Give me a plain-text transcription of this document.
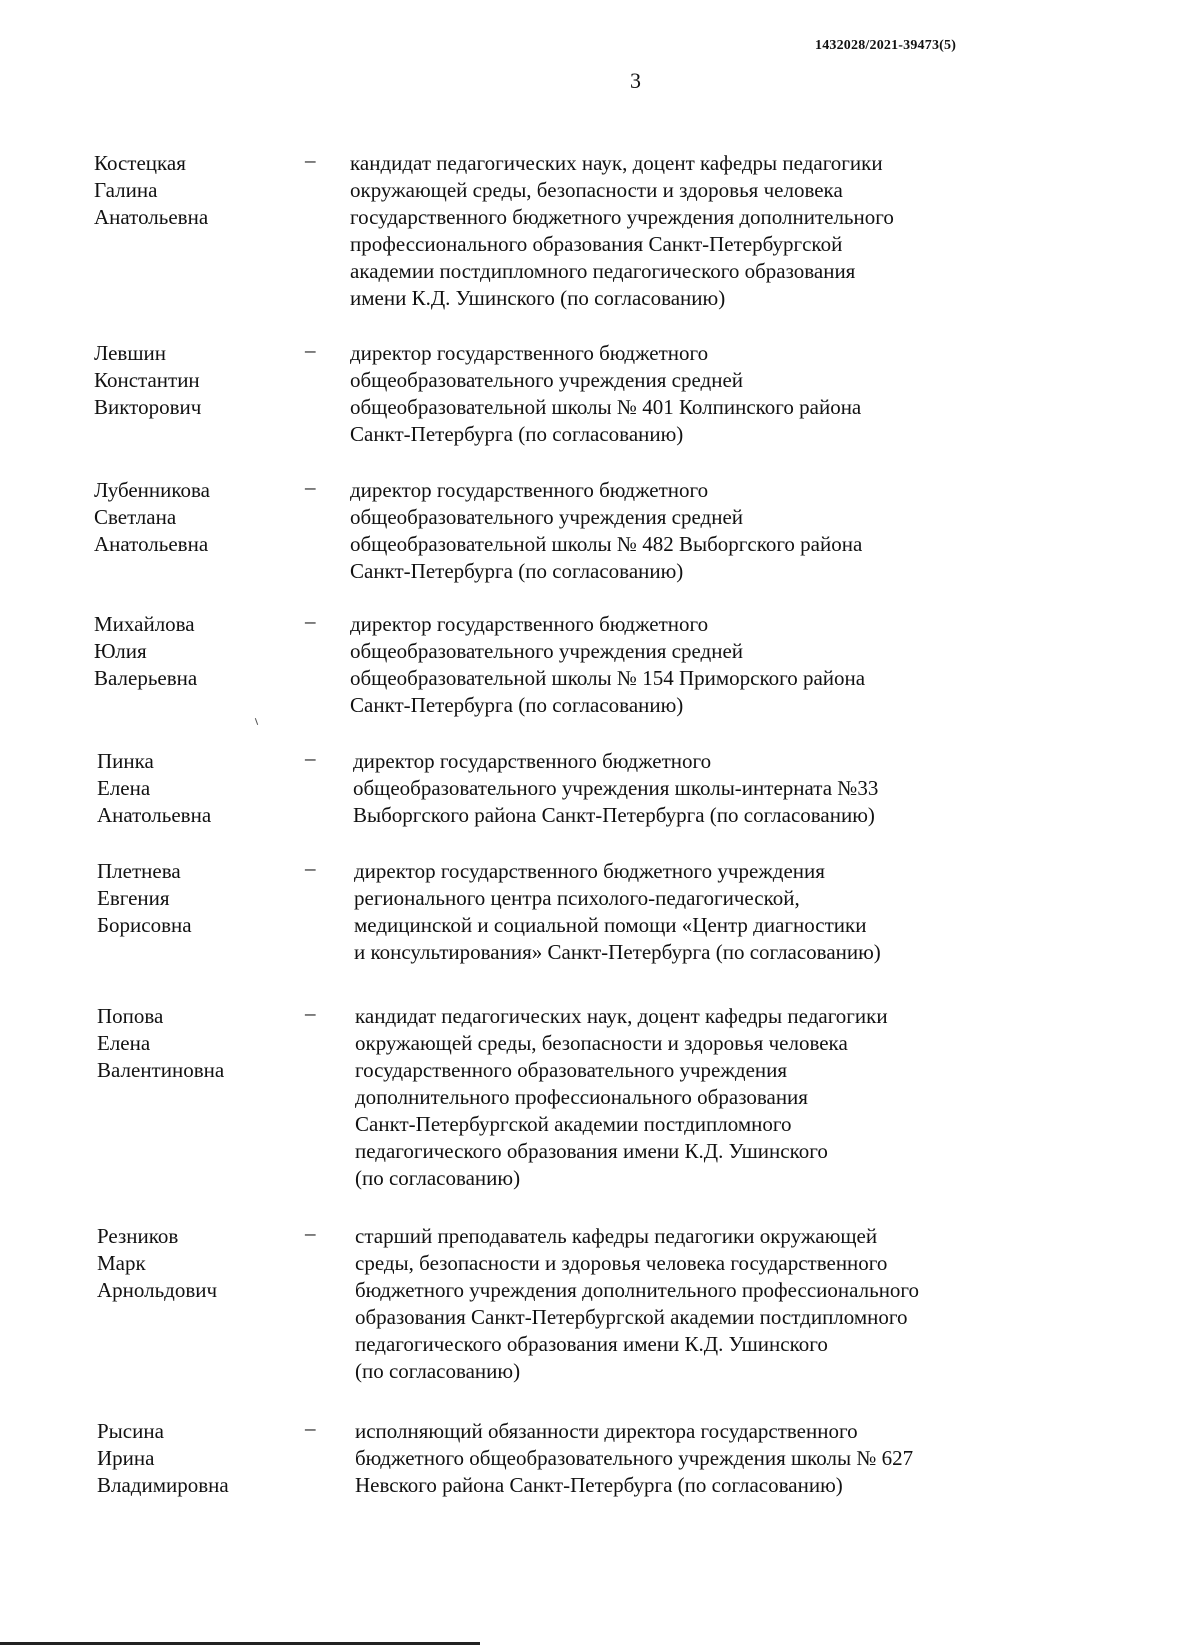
1432028/2021-39473(5)
3
Костецкая
Галина
Анатольевна
– кандидат педагогических наук, доцент кафедры педагогики
окружающей среды, безопасности и здоровья человека
государственного бюджетного учреждения дополнительного
профессионального образования Санкт-Петербургской
академии постдипломного педагогического образования
имени К.Д. Ушинского (по согласованию)
Левшин
Константин
Викторович
– директор государственного бюджетного
общеобразовательного учреждения средней
общеобразовательной школы № 401 Колпинского района
Санкт-Петербурга (по согласованию)
Лубенникова
Светлана
Анатольевна
– директор государственного бюджетного
общеобразовательного учреждения средней
общеобразовательной школы № 482 Выборгского района
Санкт-Петербурга (по согласованию)
Михайлова
Юлия
Валерьевна
– директор государственного бюджетного
общеобразовательного учреждения средней
общеобразовательной школы № 154 Приморского района
Санкт-Петербурга (по согласованию)
Пинка
Елена
Анатольевна
– директор государственного бюджетного
общеобразовательного учреждения школы-интерната №33
Выборгского района Санкт-Петербурга (по согласованию)
Плетнева
Евгения
Борисовна
– директор государственного бюджетного учреждения
регионального центра психолого-педагогической,
медицинской и социальной помощи «Центр диагностики
и консультирования» Санкт-Петербурга (по согласованию)
Попова
Елена
Валентиновна
– кандидат педагогических наук, доцент кафедры педагогики
окружающей среды, безопасности и здоровья человека
государственного образовательного учреждения
дополнительного профессионального образования
Санкт-Петербургской академии постдипломного
педагогического образования имени К.Д. Ушинского
(по согласованию)
Резников
Марк
Арнольдович
– старший преподаватель кафедры педагогики окружающей
среды, безопасности и здоровья человека государственного
бюджетного учреждения дополнительного профессионального
образования Санкт-Петербургской академии постдипломного
педагогического образования имени К.Д. Ушинского
(по согласованию)
Рысина
Ирина
Владимировна
– исполняющий обязанности директора государственного
бюджетного общеобразовательного учреждения школы № 627
Невского района Санкт-Петербурга (по согласованию)
